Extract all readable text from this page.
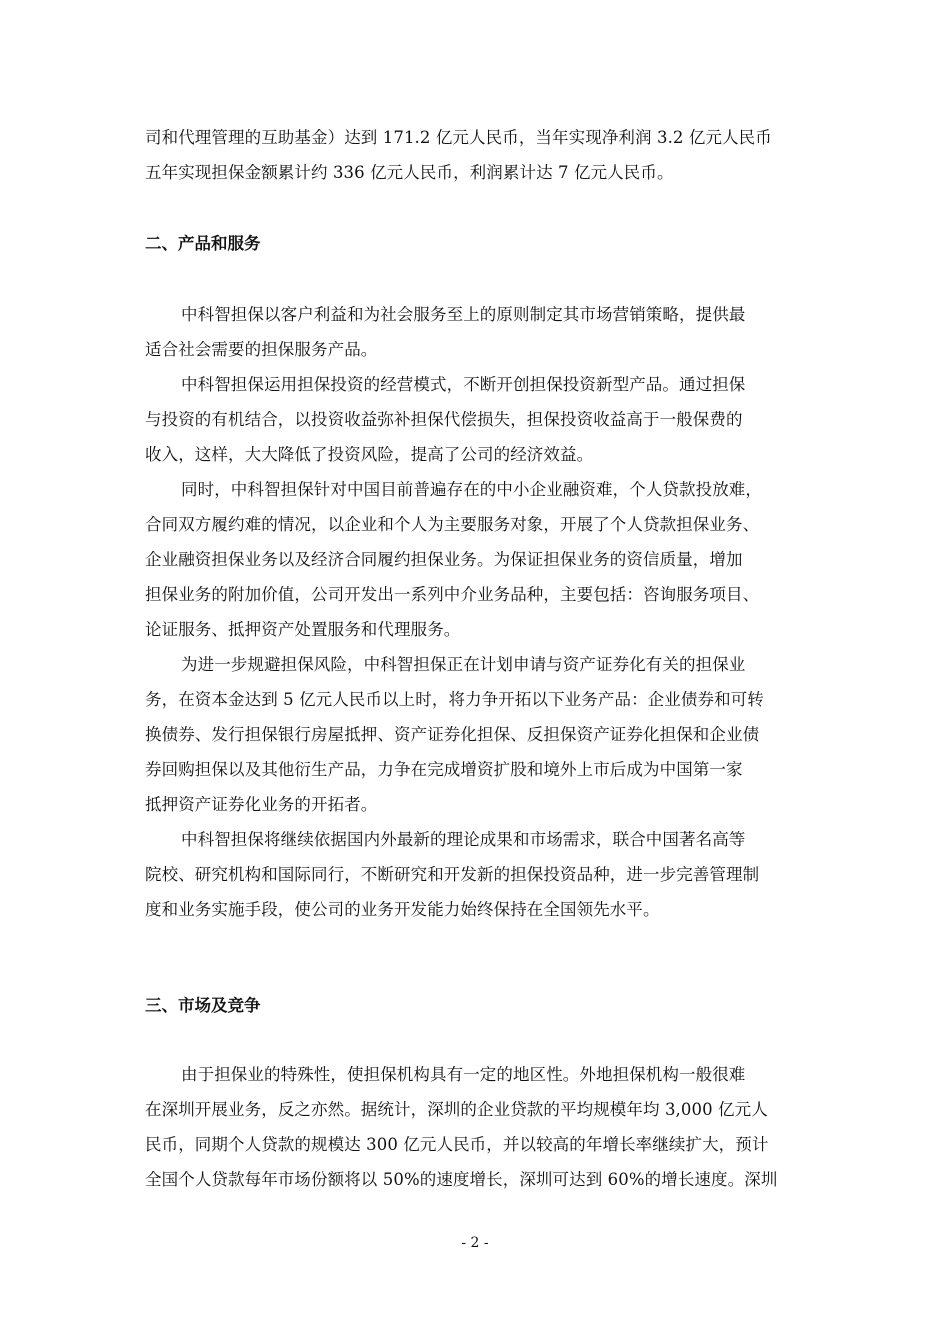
司和代理管理的互助基金）达到 171.2 亿元人民币，当年实现净利润 3.2 亿元人民币
五年实现担保金额累计约 336 亿元人民币，利润累计达 7 亿元人民币。
二、产品和服务
中科智担保以客户利益和为社会服务至上的原则制定其市场营销策略，提供最
适合社会需要的担保服务产品。
中科智担保运用担保投资的经营模式，不断开创担保投资新型产品。通过担保
与投资的有机结合，以投资收益弥补担保代偿损失，担保投资收益高于一般保费的
收入，这样，大大降低了投资风险，提高了公司的经济效益。
同时，中科智担保针对中国目前普遍存在的中小企业融资难，个人贷款投放难，
合同双方履约难的情况，以企业和个人为主要服务对象，开展了个人贷款担保业务、
企业融资担保业务以及经济合同履约担保业务。为保证担保业务的资信质量，增加
担保业务的附加价值，公司开发出一系列中介业务品种，主要包括：咨询服务项目、
论证服务、抵押资产处置服务和代理服务。
为进一步规避担保风险，中科智担保正在计划申请与资产证券化有关的担保业
务，在资本金达到 5 亿元人民币以上时，将力争开拓以下业务产品：企业债券和可转
换债券、发行担保银行房屋抵押、资产证券化担保、反担保资产证券化担保和企业债
券回购担保以及其他衍生产品，力争在完成增资扩股和境外上市后成为中国第一家
抵押资产证券化业务的开拓者。
中科智担保将继续依据国内外最新的理论成果和市场需求，联合中国著名高等
院校、研究机构和国际同行，不断研究和开发新的担保投资品种，进一步完善管理制
度和业务实施手段，使公司的业务开发能力始终保持在全国领先水平。
三、市场及竞争
由于担保业的特殊性，使担保机构具有一定的地区性。外地担保机构一般很难
在深圳开展业务，反之亦然。据统计，深圳的企业贷款的平均规模年均 3,000 亿元人
民币，同期个人贷款的规模达 300 亿元人民币，并以较高的年增长率继续扩大，预计
全国个人贷款每年市场份额将以 50%的速度增长，深圳可达到 60%的增长速度。深圳
- 2 -
